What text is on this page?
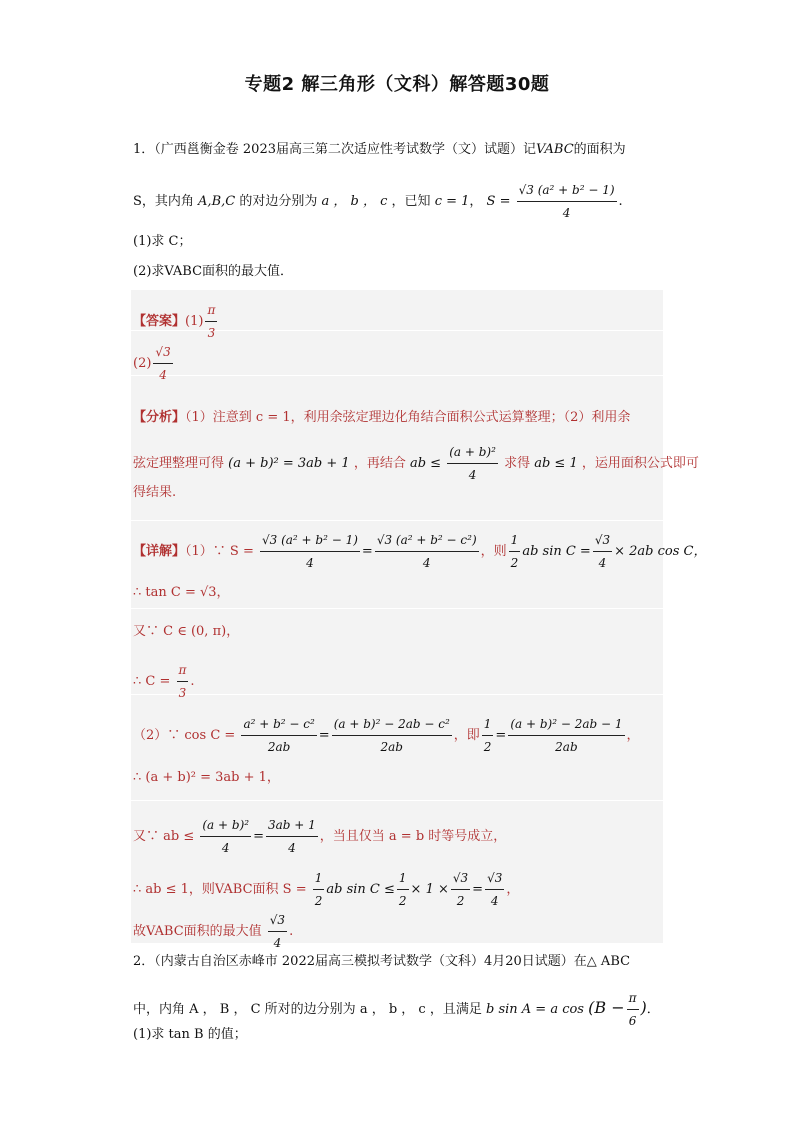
专题2 解三角形（文科）解答题30题
1．（广西邕衡金卷 2023届高三第二次适应性考试数学（文）试题）记VABC的面积为
S，其内角 A,B,C 的对边分别为 a ， b ， c ，已知 c = 1， $S = \frac{\text{√3 (a² + b² − 1)}}{4}$ .
(1)求 C；
(2)求VABC面积的最大值．
【答案】$(1) \frac{\pi}{3}$
$(2) \frac{√3}{4}$
【分析】（1）注意到 c = 1，利用余弦定理边化角结合面积公式运算整理；（2）利用余
弦定理整理可得 (a + b)² = 3ab + 1 ，再结合 ab ≤ $\frac{\text{(a + b)²}}{4}$ 求得 ab ≤ 1 ，运用面积公式即可
得结果.
【详解】（1）∵ $S = \frac{\text{√3 (a² + b² − 1)}}{4} = \frac{\text{√3 (a² + b² − c²)}}{4}$ ，则 $\frac{1}{2}$ ab $\sin C = \frac{√3}{4} \times 2ab$ cos C，
∴ tan C = √3，
又∵ C ∈ (0, π)，
∴ $C = \frac{\pi}{3}$ .
（2）∵ $\cos C = \frac{\text{a² + b² − c²}}{2ab} = \frac{\text{(a + b)² − 2ab − c²}}{2ab}$ ，即 $\frac{1}{2} = \frac{\text{(a + b)² − 2ab − 1}}{2ab}$ ，
∴ (a + b)² = 3ab + 1，
又∵ ab ≤ $\frac{\text{(a + b)²}}{4} = \frac{3ab + 1}{4}$ ，当且仅当 a = b 时等号成立，
∴ ab ≤ 1，则VABC面积 $S = \frac{1}{2}$ ab $\sin C \le \frac{1}{2} \times 1 \times \frac{√3}{2} = \frac{√3}{4}$ ，
故VABC面积的最大值 $\frac{√3}{4}$ .
2．（内蒙古自治区赤峰市 2022届高三模拟考试数学（文科）4月20日试题）在△ ABC
中，内角 A ， B ， C 所对的边分别为 a ， b ， c ，且满足 b sin A = a $\cos (B - \frac{\pi}{6}$ )．
(1)求 tan B 的值；
